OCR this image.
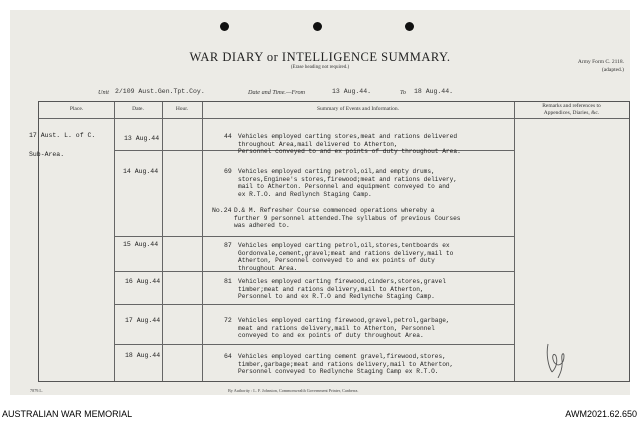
WAR DIARY or INTELLIGENCE SUMMARY.
(Erase heading not required.)
Army Form C. 2118.
(adapted.)
Unit 2/109 Aust.Gen.Tpt.Coy.	Date and Time.—From	13 Aug.44.	To 18 Aug.44.
Place.	Date.	Hour.	Summary of Events and Information.	Remarks and references to
Appendices, Diaries, &c.
17 Aust. L. of C.
Sub-Area.
13 Aug.44	44 Vehicles employed carting stores,meat and rations delivered
throughout Area,mail delivered to Atherton,
Personnel conveyed to and ex points of duty throughout Area.
14 Aug.44	69 Vehicles employed carting petrol,oil,and empty drums,
stores,Enginee's stores,firewood;meat and rations delivery,
mail to Atherton. Personnel and equipment conveyed to and
ex R.T.O. and Redlynch Staging Camp.
No.24 D.& M. Refresher Course commenced operations whereby a
further 9 personnel attended.The syllabus of previous Courses
was adhered to.
15 Aug.44	87 Vehicles employed carting petrol,oil,stores,tentboards ex
Gordonvale,cement,gravel;meat and rations delivery,mail to
Atherton, Personnel conveyed to and ex points of duty
throughout Area.
16 Aug.44	81 Vehicles employed carting firewood,cinders,stores,gravel
timber;meat and rations delivery,mail to Atherton,
Personnel to and ex R.T.O and Redlynche Staging Camp.
17 Aug.44	72 Vehicles employed carting firewood,gravel,petrol,garbage,
meat and rations delivery,mail to Atherton, Personnel
conveyed to and ex points of duty throughout Area.
18 Aug.44	64 Vehicles employed carting cement gravel,firewood,stores,
timber,garbage;meat and rations delivery,mail to Atherton,
Personnel conveyed to Redlynche Staging Camp ex R.T.O.
7879.L.	By Authority : L. F. Johnston, Commonwealth Government Printer, Canberra.
AUSTRALIAN WAR MEMORIAL	AWM2021.62.650
